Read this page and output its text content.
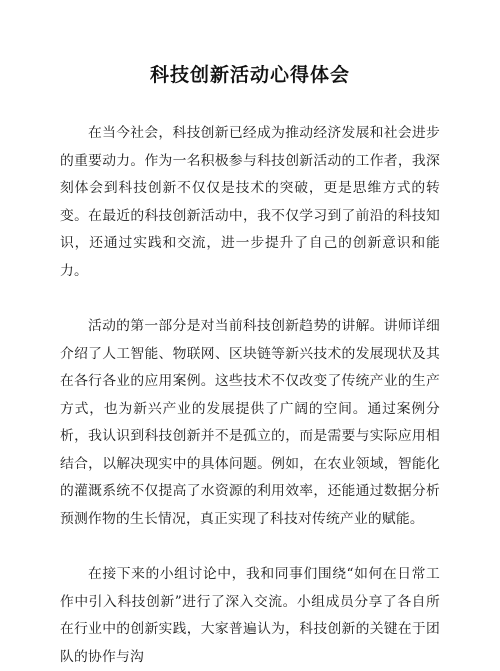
科技创新活动心得体会

在当今社会，科技创新已经成为推动经济发展和社会进步的重要动力。作为一名积极参与科技创新活动的工作者，我深刻体会到科技创新不仅仅是技术的突破，更是思维方式的转变。在最近的科技创新活动中，我不仅学习到了前沿的科技知识，还通过实践和交流，进一步提升了自己的创新意识和能力。

活动的第一部分是对当前科技创新趋势的讲解。讲师详细介绍了人工智能、物联网、区块链等新兴技术的发展现状及其在各行各业的应用案例。这些技术不仅改变了传统产业的生产方式，也为新兴产业的发展提供了广阔的空间。通过案例分析，我认识到科技创新并不是孤立的，而是需要与实际应用相结合，以解决现实中的具体问题。例如，在农业领域，智能化的灌溉系统不仅提高了水资源的利用效率，还能通过数据分析预测作物的生长情况，真正实现了科技对传统产业的赋能。

在接下来的小组讨论中，我和同事们围绕“如何在日常工作中引入科技创新”进行了深入交流。小组成员分享了各自所在行业中的创新实践，大家普遍认为，科技创新的关键在于团队的协作与沟
